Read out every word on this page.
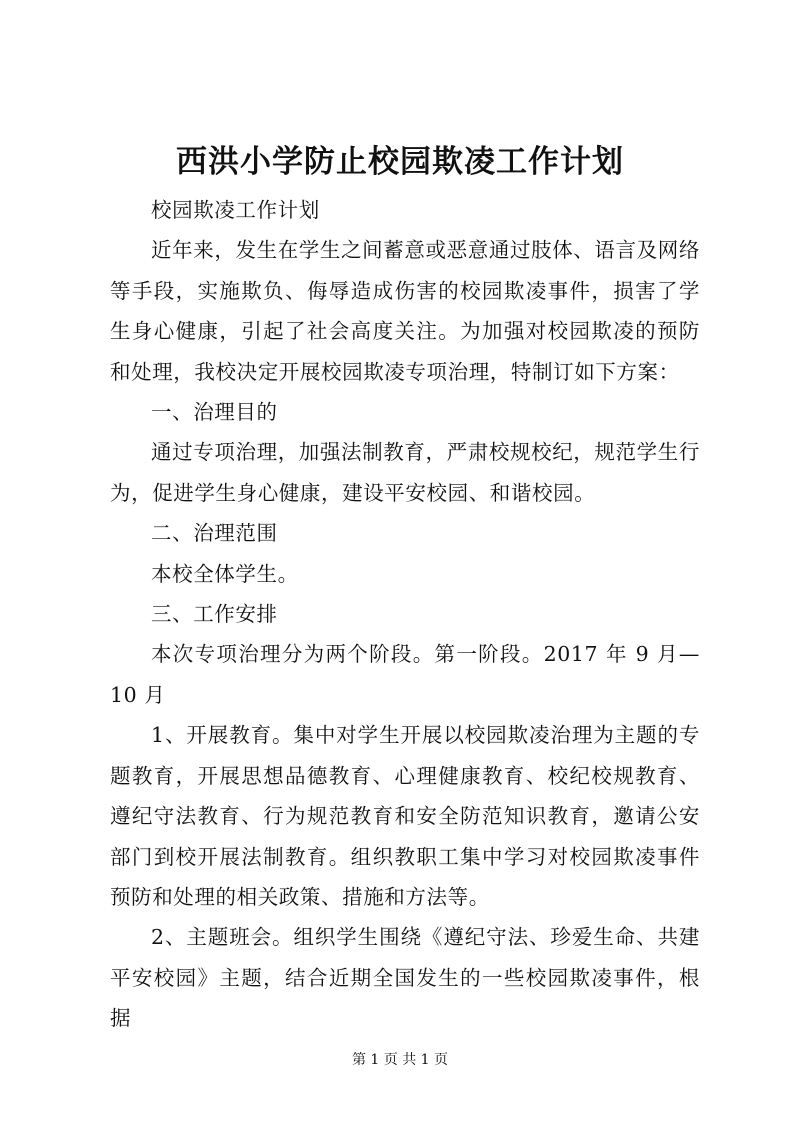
西洪小学防止校园欺凌工作计划

校园欺凌工作计划

近年来，发生在学生之间蓄意或恶意通过肢体、语言及网络等手段，实施欺负、侮辱造成伤害的校园欺凌事件，损害了学生身心健康，引起了社会高度关注。为加强对校园欺凌的预防和处理，我校决定开展校园欺凌专项治理，特制订如下方案：

一、治理目的

通过专项治理，加强法制教育，严肃校规校纪，规范学生行为，促进学生身心健康，建设平安校园、和谐校园。

二、治理范围

本校全体学生。

三、工作安排

本次专项治理分为两个阶段。第一阶段。2017 年 9 月—10 月

1、开展教育。集中对学生开展以校园欺凌治理为主题的专题教育，开展思想品德教育、心理健康教育、校纪校规教育、遵纪守法教育、行为规范教育和安全防范知识教育，邀请公安部门到校开展法制教育。组织教职工集中学习对校园欺凌事件预防和处理的相关政策、措施和方法等。

2、主题班会。组织学生围绕《遵纪守法、珍爱生命、共建平安校园》主题，结合近期全国发生的一些校园欺凌事件，根据

第 1 页 共 1 页
